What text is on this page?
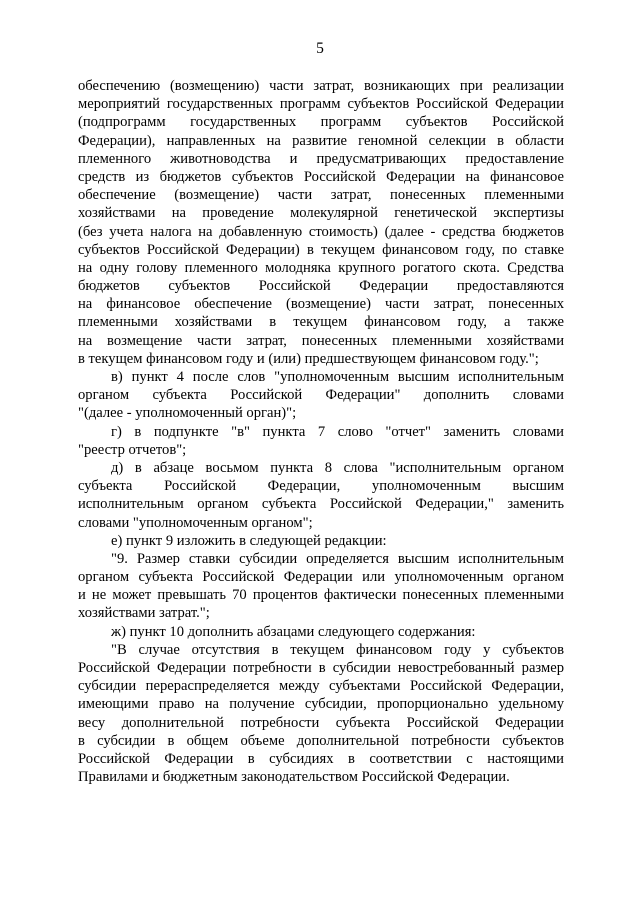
5
обеспечению (возмещению) части затрат, возникающих при реализации
мероприятий государственных программ субъектов Российской Федерации
(подпрограмм государственных программ субъектов Российской
Федерации), направленных на развитие геномной селекции в области
племенного животноводства и предусматривающих предоставление
средств из бюджетов субъектов Российской Федерации на финансовое
обеспечение (возмещение) части затрат, понесенных племенными
хозяйствами на проведение молекулярной генетической экспертизы
(без учета налога на добавленную стоимость) (далее - средства бюджетов
субъектов Российской Федерации) в текущем финансовом году, по ставке
на одну голову племенного молодняка крупного рогатого скота. Средства
бюджетов субъектов Российской Федерации предоставляются
на финансовое обеспечение (возмещение) части затрат, понесенных
племенными хозяйствами в текущем финансовом году, а также
на возмещение части затрат, понесенных племенными хозяйствами
в текущем финансовом году и (или) предшествующем финансовом году.";
в) пункт 4 после слов "уполномоченным высшим исполнительным
органом субъекта Российской Федерации" дополнить словами
"(далее - уполномоченный орган)";
г) в подпункте "в" пункта 7 слово "отчет" заменить словами
"реестр отчетов";
д) в абзаце восьмом пункта 8 слова "исполнительным органом
субъекта Российской Федерации, уполномоченным высшим
исполнительным органом субъекта Российской Федерации," заменить
словами "уполномоченным органом";
е) пункт 9 изложить в следующей редакции:
"9. Размер ставки субсидии определяется высшим исполнительным
органом субъекта Российской Федерации или уполномоченным органом
и не может превышать 70 процентов фактически понесенных племенными
хозяйствами затрат.";
ж) пункт 10 дополнить абзацами следующего содержания:
"В случае отсутствия в текущем финансовом году у субъектов
Российской Федерации потребности в субсидии невостребованный размер
субсидии перераспределяется между субъектами Российской Федерации,
имеющими право на получение субсидии, пропорционально удельному
весу дополнительной потребности субъекта Российской Федерации
в субсидии в общем объеме дополнительной потребности субъектов
Российской Федерации в субсидиях в соответствии с настоящими
Правилами и бюджетным законодательством Российской Федерации.
